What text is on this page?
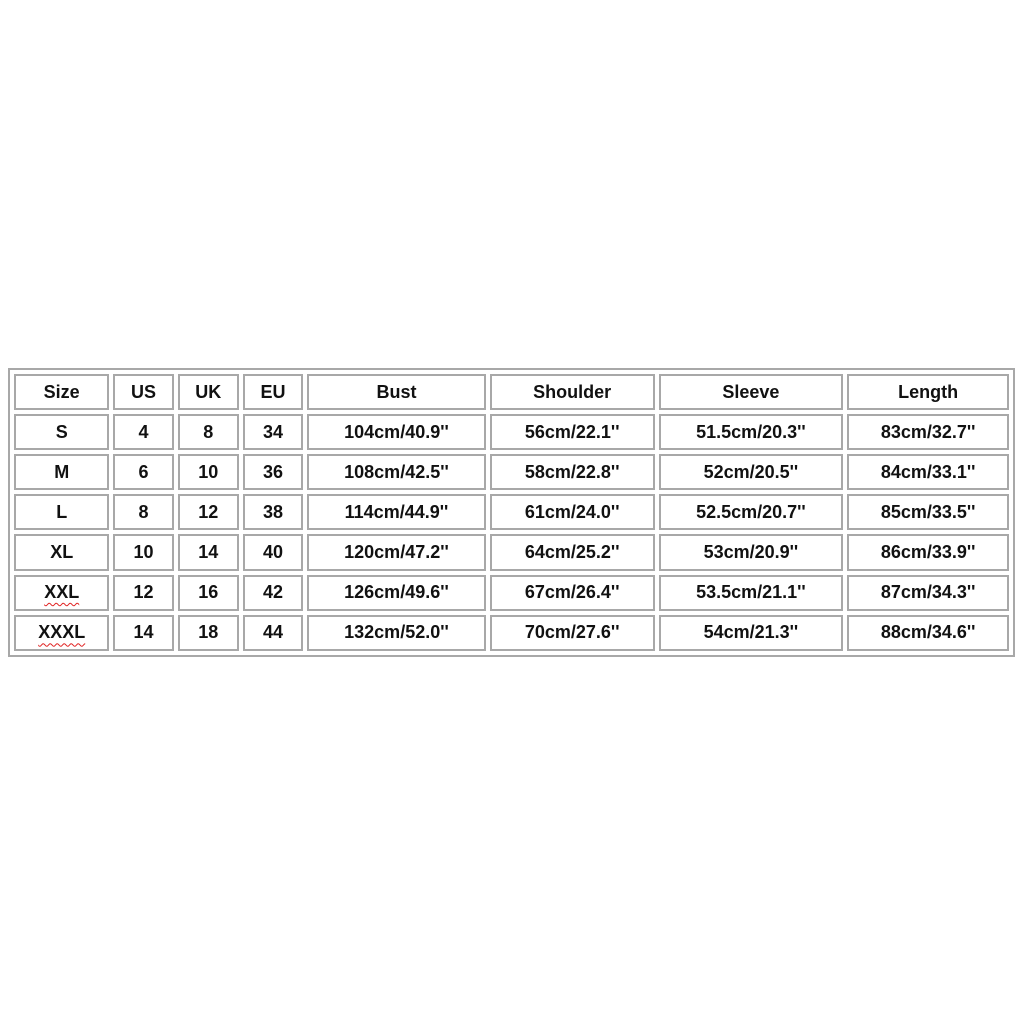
Size	US	UK	EU	Bust	Shoulder	Sleeve	Length
S	4	8	34	104cm/40.9''	56cm/22.1''	51.5cm/20.3''	83cm/32.7''
M	6	10	36	108cm/42.5''	58cm/22.8''	52cm/20.5''	84cm/33.1''
L	8	12	38	114cm/44.9''	61cm/24.0''	52.5cm/20.7''	85cm/33.5''
XL	10	14	40	120cm/47.2''	64cm/25.2''	53cm/20.9''	86cm/33.9''
XXL	12	16	42	126cm/49.6''	67cm/26.4''	53.5cm/21.1''	87cm/34.3''
XXXL	14	18	44	132cm/52.0''	70cm/27.6''	54cm/21.3''	88cm/34.6''
